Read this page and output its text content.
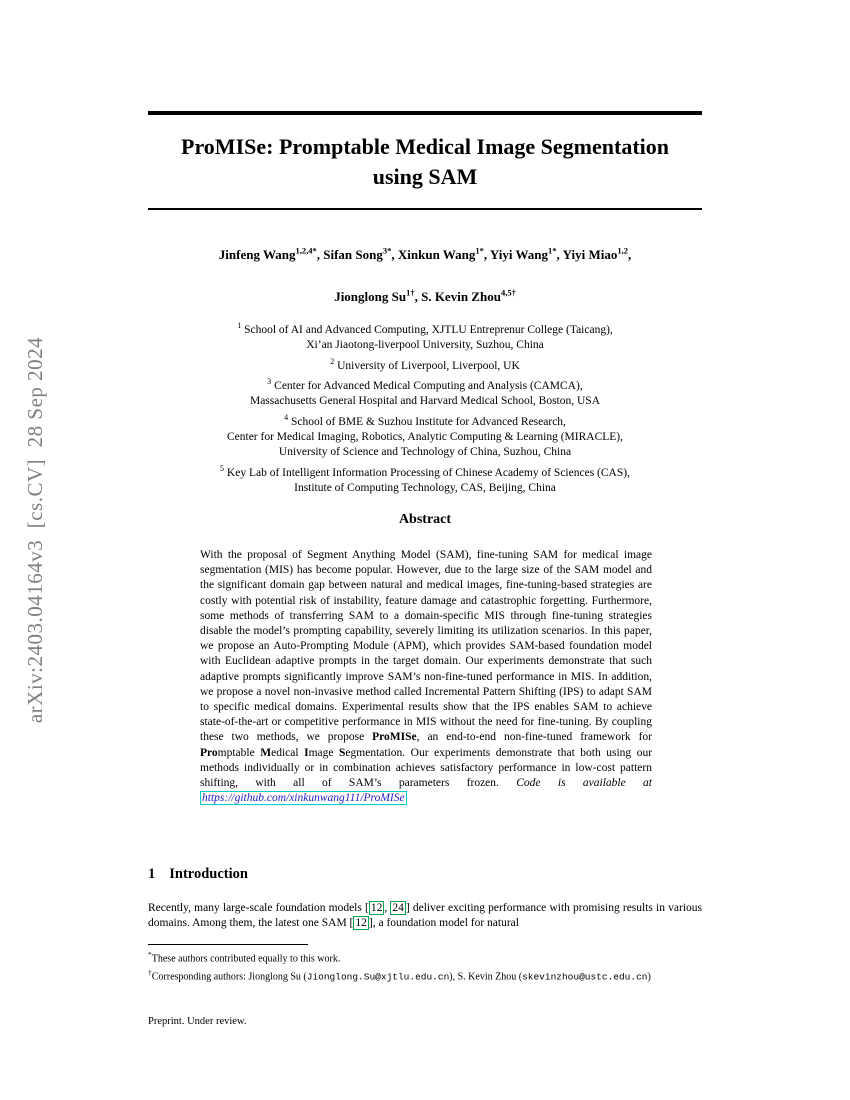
arXiv:2403.04164v3  [cs.CV]  28 Sep 2024
ProMISe: Promptable Medical Image Segmentation
using SAM
Jinfeng Wang$^{1,2,4*}$, Sifan Song$^{3*}$, Xinkun Wang$^{1*}$, Yiyi Wang$^{1*}$, Yiyi Miao$^{1,2}$,
Jionglong $Su^{1\dagger}$, S. Kevin Zhou$^{4,5\dagger}$
$^1$ School of AI and Advanced Computing, XJTLU Entreprenur College (Taicang),
Xi’an Jiaotong-liverpool University, Suzhou, China
$^2$ University of Liverpool, Liverpool, UK
$^3$ Center for Advanced Medical Computing and Analysis (CAMCA),
Massachusetts General Hospital and Harvard Medical School, Boston, USA
$^4$ School of BME & Suzhou Institute for Advanced Research,
Center for Medical Imaging, Robotics, Analytic Computing & Learning (MIRACLE),
University of Science and Technology of China, Suzhou, China
$^5$ Key Lab of Intelligent Information Processing of Chinese Academy of Sciences (CAS),
Institute of Computing Technology, CAS, Beijing, China
Abstract

With the proposal of Segment Anything Model (SAM), fine-tuning SAM for medical image segmentation (MIS) has become popular. However, due to the large size of the SAM model and the significant domain gap between natural and medical images, fine-tuning-based strategies are costly with potential risk of instability, feature damage and catastrophic forgetting. Furthermore, some methods of transferring SAM to a domain-specific MIS through fine-tuning strategies disable the model’s prompting capability, severely limiting its utilization scenarios. In this paper, we propose an Auto-Prompting Module (APM), which provides SAM-based foundation model with Euclidean adaptive prompts in the target domain. Our experiments demonstrate that such adaptive prompts significantly improve SAM’s non-fine-tuned performance in MIS. In addition, we propose a novel non-invasive method called Incremental Pattern Shifting (IPS) to adapt SAM to specific medical domains. Experimental results show that the IPS enables SAM to achieve state-of-the-art or competitive performance in MIS without the need for fine-tuning. By coupling these two methods, we propose ProMISe, an end-to-end non-fine-tuned framework for Promptable Medical Image Segmentation. Our experiments demonstrate that both using our methods individually or in combination achieves satisfactory performance in low-cost pattern shifting, with all of SAM’s parameters frozen. Code is available at https://github.com/xinkunwang111/ProMISe

1 Introduction

Recently, many large-scale foundation models [ 12 , 24 ] deliver exciting performance with promising results in various domains. Among them, the latest one SAM [ 12 ], a foundation model for natural

*These authors contributed equally to this work.
†Corresponding authors: Jionglong Su (Jionglong.Su@xjtlu.edu.cn), S. Kevin Zhou (skevinzhou@ustc.edu.cn)
Preprint. Under review.
